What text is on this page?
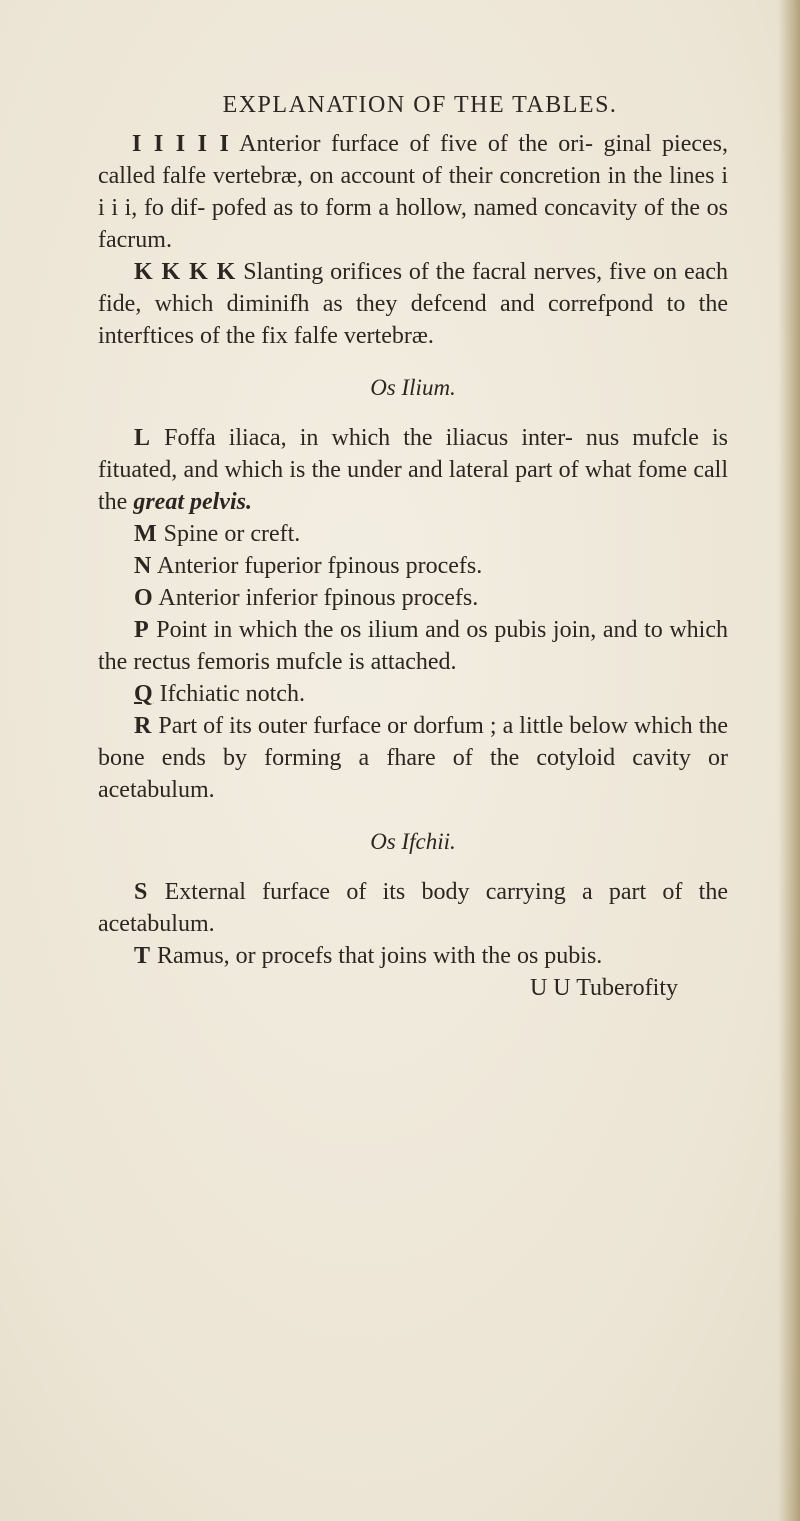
EXPLANATION OF THE TABLES.

I I I I I Anterior furface of five of the ori- ginal pieces, called falfe vertebræ, on account of their concretion in the lines i i i i, fo dif- pofed as to form a hollow, named concavity of the os facrum.

K K K K Slanting orifices of the facral nerves, five on each fide, which diminifh as they defcend and correfpond to the interftices of the fix falfe vertebræ.

Os Ilium.

L Foffa iliaca, in which the iliacus inter- nus mufcle is fituated, and which is the under and lateral part of what fome call the great pelvis.

M Spine or creft.

N Anterior fuperior fpinous procefs.

O Anterior inferior fpinous procefs.

P Point in which the os ilium and os pubis join, and to which the rectus femoris mufcle is attached.

Q Ifchiatic notch.

R Part of its outer furface or dorfum ; a little below which the bone ends by forming a fhare of the cotyloid cavity or acetabulum.

Os Ifchii.

S External furface of its body carrying a part of the acetabulum.

T Ramus, or procefs that joins with the os pubis.

U U Tuberofity
